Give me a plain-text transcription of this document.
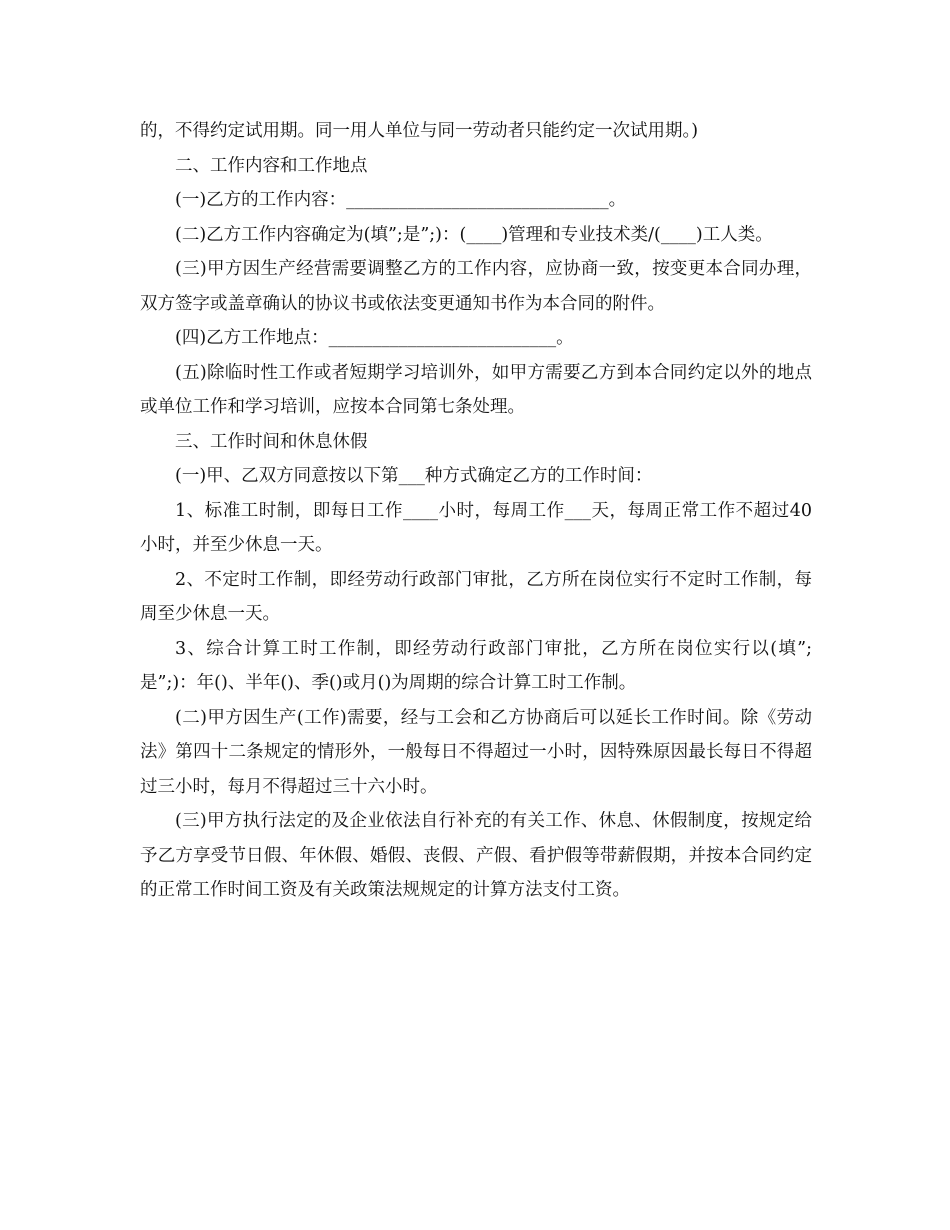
的，不得约定试用期。同一用人单位与同一劳动者只能约定一次试用期。)

二、工作内容和工作地点

(一)乙方的工作内容：______________________________。

(二)乙方工作内容确定为(填”;是”;)：(____)管理和专业技术类/(____)工人类。

(三)甲方因生产经营需要调整乙方的工作内容，应协商一致，按变更本合同办理，双方签字或盖章确认的协议书或依法变更通知书作为本合同的附件。

(四)乙方工作地点：__________________________。

(五)除临时性工作或者短期学习培训外，如甲方需要乙方到本合同约定以外的地点或单位工作和学习培训，应按本合同第七条处理。

三、工作时间和休息休假

(一)甲、乙双方同意按以下第___种方式确定乙方的工作时间：

1、标准工时制，即每日工作____小时，每周工作___天，每周正常工作不超过40小时，并至少休息一天。

2、不定时工作制，即经劳动行政部门审批，乙方所在岗位实行不定时工作制，每周至少休息一天。

3、综合计算工时工作制，即经劳动行政部门审批，乙方所在岗位实行以(填”;是”;)：年()、半年()、季()或月()为周期的综合计算工时工作制。

(二)甲方因生产(工作)需要，经与工会和乙方协商后可以延长工作时间。除《劳动法》第四十二条规定的情形外，一般每日不得超过一小时，因特殊原因最长每日不得超过三小时，每月不得超过三十六小时。

(三)甲方执行法定的及企业依法自行补充的有关工作、休息、休假制度，按规定给予乙方享受节日假、年休假、婚假、丧假、产假、看护假等带薪假期，并按本合同约定的正常工作时间工资及有关政策法规规定的计算方法支付工资。
